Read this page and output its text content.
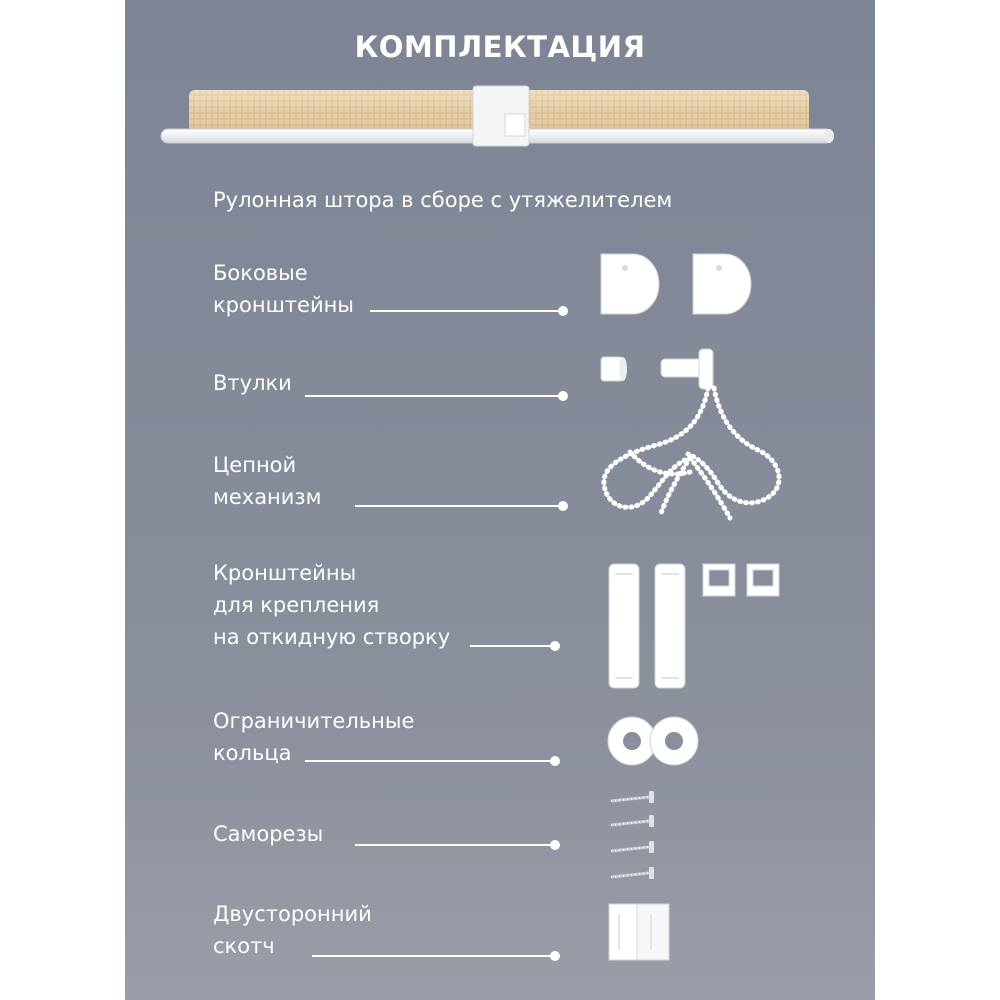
КОМПЛЕКТАЦИЯ
Рулонная штора в сборе с утяжелителем
Боковые
кронштейны
Втулки
Цепной
механизм
Кронштейны
для крепления
на откидную створку
Ограничительные
кольца
Саморезы
Двусторонний
скотч
